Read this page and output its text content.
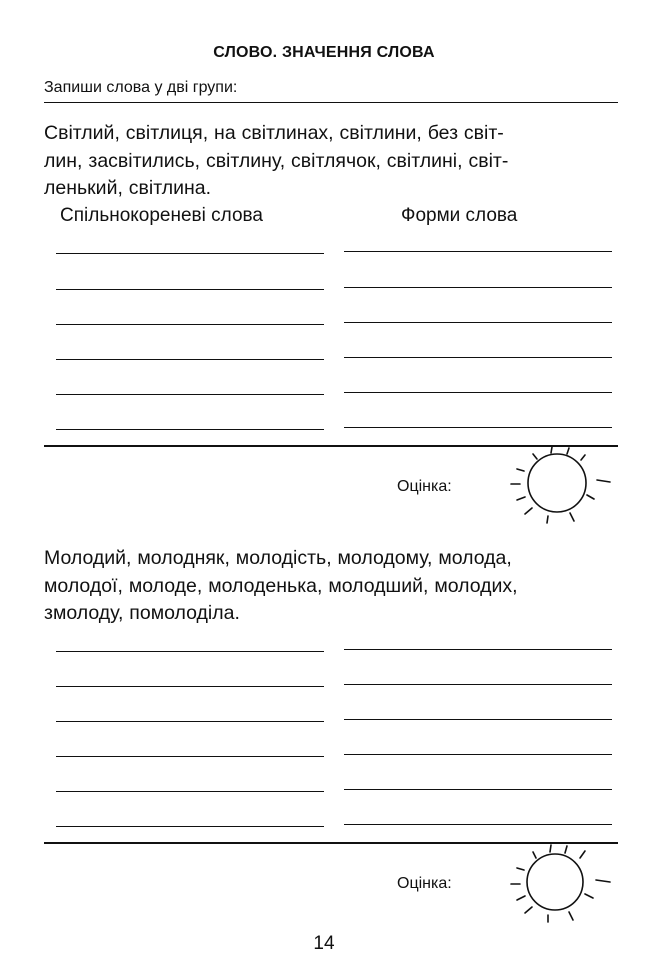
СЛОВО. ЗНАЧЕННЯ СЛОВА
Запиши слова у дві групи:
Світлий, світлиця, на світлинах, світлини, без світ-
лин, засвітились, світлину, світлячок, світлині, світ-
ленький, світлина.
Спільнокореневі слова	Форми слова
Оцінка:
Молодий, молодняк, молодість, молодому, молода,
молодої, молоде, молоденька, молодший, молодих,
змолоду, помолоділа.
Оцінка:
14
